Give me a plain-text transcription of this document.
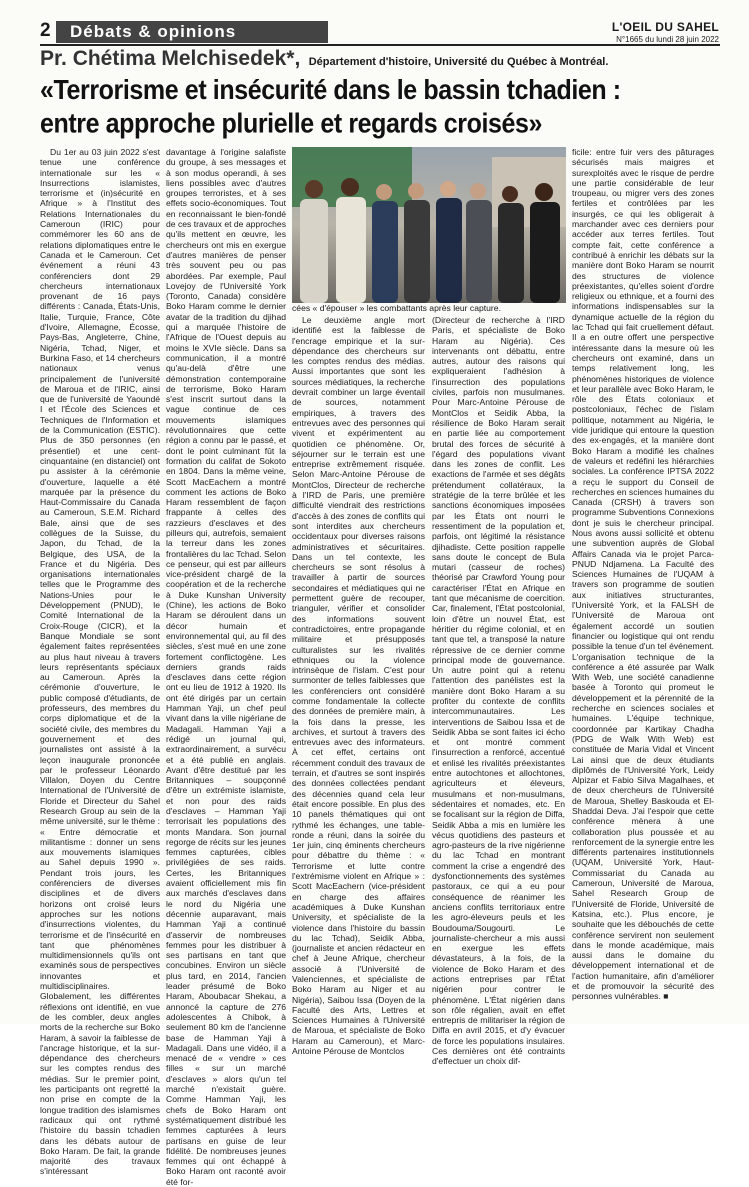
2 Débats & opinions	L'OEIL DU SAHEL
N°1665 du lundi 28 juin 2022
Pr. Chétima Melchisedek*, Département d'histoire, Université du Québec à Montréal.
«Terrorisme et insécurité dans le bassin tchadien :
entre approche plurielle et regards croisés»

Du 1er au 03 juin 2022 s'est tenue une conférence internationale sur les « Insurrections islamistes, terrorisme et (in)sécurité en Afrique » à l'Institut des Relations Internationales du Cameroun (IRIC) pour commémorer les 60 ans de relations diplomatiques entre le Canada et le Cameroun. Cet événement a réuni 43 conférenciers dont 29 chercheurs internationaux provenant de 16 pays différents : Canada, États-Unis, Italie, Turquie, France, Côte d'Ivoire, Allemagne, Écosse, Pays-Bas, Angleterre, Chine, Nigéria, Tchad, Niger, et Burkina Faso, et 14 chercheurs nationaux venus principalement de l'université de Maroua et de l'IRIC, ainsi que de l'université de Yaoundé I et l'École des Sciences et Techniques de l'Information et de la Communication (ESTIC). Plus de 350 personnes (en présentiel) et une cent-cinquantaine (en distanciel) ont pu assister à la cérémonie d'ouverture, laquelle a été marquée par la présence du Haut-Commissaire du Canada au Cameroun, S.E.M. Richard Bale, ainsi que de ses collègues de la Suisse, du Japon, du Tchad, de la Belgique, des USA, de la France et du Nigéria. Des organisations internationales telles que le Programme des Nations-Unies pour le Développement (PNUD), le Comité International de la Croix-Rouge (CICR), et la Banque Mondiale se sont également faites représentées au plus haut niveau à travers leurs représentants spéciaux au Cameroun. Après la cérémonie d'ouverture, le public composé d'étudiants, de professeurs, des membres du corps diplomatique et de la société civile, des membres du gouvernement et des journalistes ont assisté à la leçon inaugurale prononcée par le professeur Léonardo Villalon, Doyen du Centre International de l'Université de Floride et Directeur du Sahel Research Group au sein de la même université, sur le thème : « Entre démocratie et militantisme : donner un sens aux mouvements islamiques au Sahel depuis 1990 ». Pendant trois jours, les conférenciers de diverses disciplines et de divers horizons ont croisé leurs approches sur les notions d'insurrections violentes, du terrorisme et de l'insécurité en tant que phénomènes multidimensionnels qu'ils ont examinés sous de perspectives innovantes et multidisciplinaires. Globalement, les différentes réflexions ont identifié, en vue de les combler, deux angles morts de la recherche sur Boko Haram, à savoir la faiblesse de l'ancrage historique, et la sur-dépendance des chercheurs sur les comptes rendus des médias. Sur le premier point, les participants ont regretté la non prise en compte de la longue tradition des islamismes radicaux qui ont rythmé l'histoire du bassin tchadien dans les débats autour de Boko Haram. De fait, la grande majorité des travaux s'intéressant

davantage à l'origine salafiste du groupe, à ses messages et à son modus operandi, à ses liens possibles avec d'autres groupes terroristes, et à ses effets socio-économiques. Tout en reconnaissant le bien-fondé de ces travaux et de approches qu'ils mettent en œuvre, les chercheurs ont mis en exergue d'autres manières de penser très souvent peu ou pas abordées. Par exemple, Paul Lovejoy de l'Université York (Toronto, Canada) considère Boko Haram comme le dernier avatar de la tradition du djihad qui a marquée l'histoire de l'Afrique de l'Ouest depuis au moins le XVIe siècle. Dans sa communication, il a montré qu'au-delà d'être une démonstration contemporaine de terrorisme, Boko Haram s'est inscrit surtout dans la vague continue de ces mouvements islamiques révolutionnaires que cette région a connu par le passé, et dont le point culminant fût la formation du califat de Sokoto en 1804. Dans la même veine, Scott MacEachern a montré comment les actions de Boko Haram ressemblent de façon frappante à celles des razzieurs d'esclaves et des pilleurs qui, autrefois, semaient la terreur dans les zones frontalières du lac Tchad. Selon ce penseur, qui est par ailleurs vice-président chargé de la coopération et de la recherche à Duke Kunshan University (Chine), les actions de Boko Haram se déroulent dans un décor humain et environnemental qui, au fil des siècles, s'est mué en une zone fortement conflictogène. Les derniers grands raids d'esclaves dans cette région ont eu lieu de 1912 à 1920. Ils ont été dirigés par un certain Hamman Yaji, un chef peul vivant dans la ville nigériane de Madagali. Hamman Yaji a rédigé un journal qui, extraordinairement, a survécu et a été publié en anglais. Avant d'être destitué par les Britanniques – soupçonné d'être un extrémiste islamiste, et non pour des raids d'esclaves – Hamman Yaji terrorisait les populations des monts Mandara. Son journal regorge de récits sur les jeunes femmes capturées, cibles privilégiées de ses raids. Certes, les Britanniques avaient officiellement mis fin aux marchés d'esclaves dans le nord du Nigéria une décennie auparavant, mais Hamman Yaji a continué d'asservir de nombreuses femmes pour les distribuer à ses partisans en tant que concubines. Environ un siècle plus tard, en 2014, l'ancien leader présumé de Boko Haram, Aboubacar Shekau, a annoncé la capture de 276 adolescentes à Chibok, à seulement 80 km de l'ancienne base de Hamman Yaji à Madagali. Dans une vidéo, il a menacé de « vendre » ces filles « sur un marché d'esclaves » alors qu'un tel marché n'existait guère. Comme Hamman Yaji, les chefs de Boko Haram ont systématiquement distribué les femmes capturées à leurs partisans en guise de leur fidélité. De nombreuses jeunes femmes qui ont échappé à Boko Haram ont raconté avoir été for-

cées « d'épouser » les combattants après leur capture.

Le deuxième angle mort identifié est la faiblesse de l'encrage empirique et la sur-dépendance des chercheurs sur les comptes rendus des médias. Aussi importantes que sont les sources médiatiques, la recherche devrait combiner un large éventail de sources, notamment empiriques, à travers des entrevues avec des personnes qui vivent et expérimentent au quotidien ce phénomène. Or, séjourner sur le terrain est une entreprise extrêmement risquée. Selon Marc-Antoine Pérouse de MontClos, Directeur de recherche à l'IRD de Paris, une première difficulté viendrait des restrictions d'accès à des zones de conflits qui sont interdites aux chercheurs occidentaux pour diverses raisons administratives et sécuritaires. Dans un tel contexte, les chercheurs se sont résolus à travailler à partir de sources secondaires et médiatiques qui ne permettent guère de recouper, trianguler, vérifier et consolider des informations souvent contradictoires, entre propagande militaire et présupposés culturalistes sur les rivalités ethniques ou la violence intrinsèque de l'islam. C'est pour surmonter de telles faiblesses que les conférenciers ont considéré comme fondamentale la collecte des données de première main, à la fois dans la presse, les archives, et surtout à travers des entrevues avec des informateurs. À cet effet, certains ont récemment conduit des travaux de terrain, et d'autres se sont inspirés des données collectées pendant des décennies quand cela leur était encore possible. En plus des 10 panels thématiques qui ont rythmé les échanges, une table-ronde a réuni, dans la soirée du 1er juin, cinq éminents chercheurs pour débattre du thème : « Terrorisme et lutte contre l'extrémisme violent en Afrique » : Scott MacEachern (vice-président en charge des affaires académiques à Duke Kunshan University, et spécialiste de la violence dans l'histoire du bassin du lac Tchad), Seidik Abba, (journaliste et ancien rédacteur en chef à Jeune Afrique, chercheur associé à l'Université de Valenciennes, et spécialiste de Boko Haram au Niger et au Nigéria), Saibou Issa (Doyen de la Faculté des Arts, Lettres et Sciences Humaines à l'Université de Maroua, et spécialiste de Boko Haram au Cameroun), et Marc-Antoine Pérouse de Montclos

(Directeur de recherche à l'IRD Paris, et spécialiste de Boko Haram au Nigéria). Ces intervenants ont débattu, entre autres, autour des raisons qui expliqueraient l'adhésion à l'insurrection des populations civiles, parfois non musulmanes. Pour Marc-Antoine Pérouse de MontClos et Seidik Abba, la résilience de Boko Haram serait en partie liée au comportement brutal des forces de sécurité à l'égard des populations vivant dans les zones de conflit. Les exactions de l'armée et ses dégâts prétendument collatéraux, la stratégie de la terre brûlée et les sanctions économiques imposées par les États ont nourri le ressentiment de la population et, parfois, ont légitimé la résistance djihadiste. Cette position rappelle sans doute le concept de Bula mutari (casseur de roches) théorisé par Crawford Young pour caractériser l'État en Afrique en tant que mécanisme de coercition. Car, finalement, l'État postcolonial, loin d'être un nouvel État, est héritier du régime colonial, et en tant que tel, a transposé la nature répressive de ce dernier comme principal mode de gouvernance. Un autre point qui a retenu l'attention des panélistes est la manière dont Boko Haram a su profiter du contexte de conflits intercommunautaires. Les interventions de Saibou Issa et de Seidik Abba se sont faites ici écho et ont montré comment l'insurrection a renforcé, accentué et enlisé les rivalités préexistantes entre autochtones et allochtones, agriculteurs et éleveurs, musulmans et non-musulmans, sédentaires et nomades, etc. En se focalisant sur la région de Diffa, Seidik Abba a mis en lumière les vécus quotidiens des pasteurs et agro-pasteurs de la rive nigérienne du lac Tchad en montrant comment la crise a engendré des dysfonctionnements des systèmes pastoraux, ce qui a eu pour conséquence de réanimer les anciens conflits territoriaux entre les agro-éleveurs peuls et les Boudouma/Sougourti. Le journaliste-chercheur a mis aussi en exergue les effets dévastateurs, à la fois, de la violence de Boko Haram et des actions entreprises par l'État nigérien pour contrer le phénomène. L'État nigérien dans son rôle régalien, avait en effet entrepris de militariser la région de Diffa en avril 2015, et d'y évacuer de force les populations insulaires. Ces dernières ont été contraints d'effectuer un choix dif-

ficile: entre fuir vers des pâturages sécurisés mais maigres et surexploités avec le risque de perdre une partie considérable de leur troupeau, ou migrer vers des zones fertiles et contrôlées par les insurgés, ce qui les obligerait à marchander avec ces derniers pour accéder aux terres fertiles. Tout compte fait, cette conférence a contribué à enrichir les débats sur la manière dont Boko Haram se nourrit des structures de violence préexistantes, qu'elles soient d'ordre religieux ou ethnique, et a fourni des informations indispensables sur la dynamique actuelle de la région du lac Tchad qui fait cruellement défaut. Il a en outre offert une perspective intéressante dans la mesure où les chercheurs ont examiné, dans un temps relativement long, les phénomènes historiques de violence et leur parallèle avec Boko Haram, le rôle des États coloniaux et postcoloniaux, l'échec de l'islam politique, notamment au Nigéria, le vide juridique qui entoure la question des ex-engagés, et la manière dont Boko Haram a modifié les chaînes de valeurs et redéfini les hiérarchies sociales. La conférence IPTSA 2022 a reçu le support du Conseil de recherches en sciences humaines du Canada (CRSH) à travers son programme Subventions Connexions dont je suis le chercheur principal. Nous avons aussi sollicité et obtenu une subvention auprès de Global Affairs Canada via le projet Parca-PNUD Ndjamena. La Faculté des Sciences Humaines de l'UQAM à travers son programme de soutien aux initiatives structurantes, l'Université York, et la FALSH de l'Université de Maroua ont également accordé un soutien financier ou logistique qui ont rendu possible la tenue d'un tel événement. L'organisation technique de la conférence a été assurée par Walk With Web, une société canadienne basée à Toronto qui promeut le développement et la pérennité de la recherche en sciences sociales et humaines. L'équipe technique, coordonnée par Kartikay Chadha (PDG de Walk With Web) est constituée de Maria Vidal et Vincent Lai ainsi que de deux étudiants diplômés de l'Université York, Leidy Alpizar et Fabio Silva Magalhaes, et de deux chercheurs de l'Université de Maroua, Shelley Baskouda et El-Shaddai Deva. J'ai l'espoir que cette conférence mènera à une collaboration plus poussée et au renforcement de la synergie entre les différents partenaires institutionnels (UQAM, Université York, Haut-Commissariat du Canada au Cameroun, Université de Maroua, Sahel Research Group de l'Université de Floride, Université de Katsina, etc.). Plus encore, je souhaite que les débouchés de cette conférence servirent non seulement dans le monde académique, mais aussi dans le domaine du développement international et de l'action humanitaire, afin d'améliorer et de promouvoir la sécurité des personnes vulnérables. ■
